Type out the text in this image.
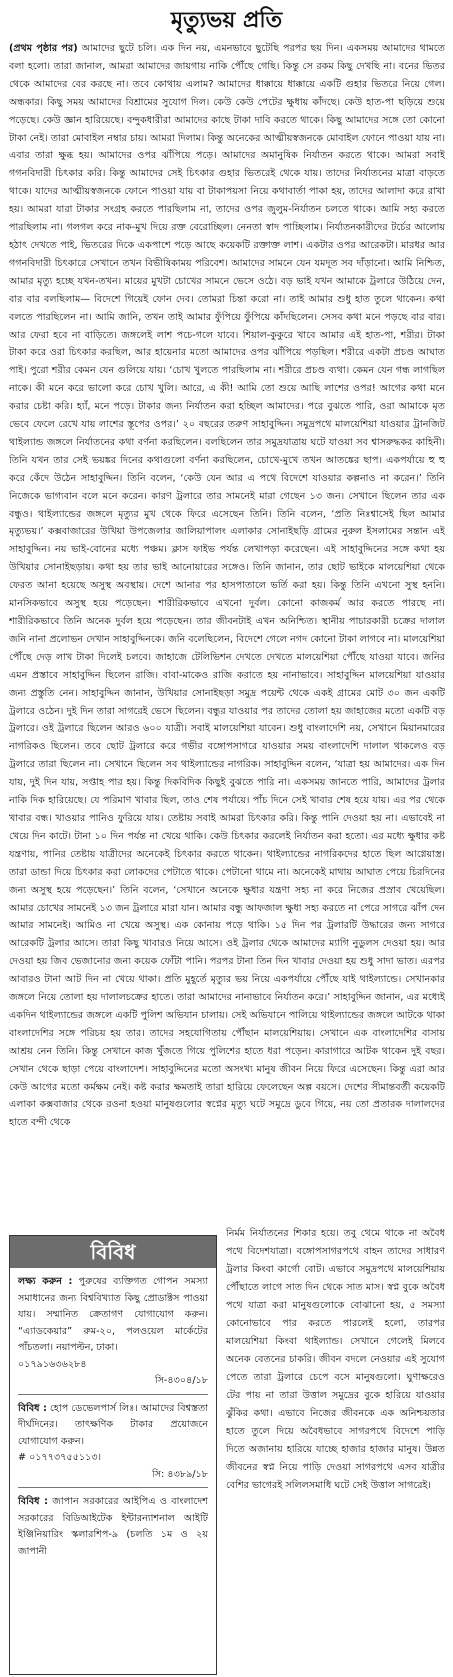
মৃত্যুভয় প্রতি

(প্রথম পৃষ্ঠার পর) আমাদের ছুটে চলি। এক দিন নয়, এমনভাবে ছুটেছি পরপর ছয় দিন। একসময় আমাদের থামতে বলা হলো। তারা জানাল, আমরা আমাদের জায়গায় নাকি পৌঁছে গেছি। কিন্তু সে রকম কিছু দেখছি না। বনের ভিতর থেকে আমাদের বের করছে না। তবে কোথায় এলাম? আমাদের ধাক্কায়ে ধাক্কায়ে একটি গুহার ভিতরে নিয়ে গেল। অন্ধকার। কিছু সময় আমাদের বিশ্রামের সুযোগ দিল। কেউ কেউ পেটের ক্ষুধায় কাঁদছে। কেউ হাত-পা ছড়িয়ে শুয়ে পড়েছে। কেউ জ্ঞান হারিয়েছে। বন্দুকধারীরা আমাদের কাছে টাকা দাবি করতে থাকে। কিছু আমাদের সঙ্গে তো কোনো টাকা নেই। তারা মোবাইল নম্বার চায়। আমরা দিলাম। কিন্তু অনেকের আত্মীয়স্বজনকে মোবাইল ফোনে পাওয়া যায় না। এবার তারা ক্ষুব্ধ হয়। আমাদের ওপর ঝাঁপিয়ে পড়ে। আমাদের অমানুষিক নির্যাতন করতে থাকে। আমরা সবাই গগনবিদারী চিৎকার করি। কিন্তু আমাদের সেই চিৎকার গুহার ভিতরেই থেকে যায়। তাদের নির্যাতনের মাত্রা বাড়তে থাকে। যাদের আত্মীয়স্বজনকে ফোনে পাওয়া যায় বা টাকাপয়সা নিয়ে কথাবার্তা পাকা হয়, তাদের আলাদা করে রাখা হয়। আমরা যারা টাকার সংগ্রহ করতে পারছিলাম না, তাদের ওপর জুলুম-নির্যাতন চলতে থাকে। আমি সহ্য করতে পারছিলাম না। গলগল করে নাক-মুখ দিয়ে রক্ত বেরোচ্ছিল। নেনতা স্বাদ পাচ্ছিলাম। নির্যাতনকারীদের টর্চের আলোয় হঠাৎ দেখতে পাই, ভিতরের দিকে একপাশে পড়ে আছে কয়েকটি রক্তাক্ত লাশ। একটার ওপর আরেকটা। মারধর আর গগনবিদারী চিৎকারে সেখানে তখন বিভীষিকাময় পরিবেশ। আমাদের সামনে যেন যমদূত সব দাঁড়ানো। আমি নিশ্চিত, আমার মৃত্যু হচ্ছে যখন-তখন। মায়ের মুখটা চোখের সামনে ভেসে ওঠে। বড় ভাই যখন আমাকে ট্রলারে উঠিয়ে দেন, বার বার বলছিলাম— বিদেশে গিয়েই ফোন দেব। তোমরা চিন্তা করো না। তাই আমার শুধু হাত তুলে থাকেন। কথা বলতে পারছিলেন না। আমি জানি, তখন তাই আমার ফুঁপিয়ে ফুঁপিয়ে কাঁদছিলেন। সেসব কথা মনে পড়ছে বার বার। আর ফেরা হবে না বাড়িতে। জঙ্গলেই লাশ পচে-গলে যাবে। শিয়াল-কুকুরে খাবে আমার এই হাত-পা, শরীর। টাকা টাকা করে ওরা চিৎকার করছিল, আর হায়েনার মতো আমাদের ওপর ঝাঁপিয়ে পড়ছিল। শরীরে একটা প্রচণ্ড আঘাত পাই। পুরো শরীর কেমন যেন গুলিয়ে যায়। ‘চোখ খুলতে পারছিলাম না। শরীরে প্রচণ্ড ব্যথা। কেমন যেন গন্ধ লাগছিল নাকে। কী মনে করে ভালো করে চোখ খুলি। আরে, এ কী! আমি তো শুয়ে আছি লাশের ওপর! আগের কথা মনে করার চেষ্টা করি। হ্যাঁ, মনে পড়ে। টাকার জন্য নির্যাতন করা হচ্ছিল আমাদের। পরে বুঝতে পারি, ওরা আমাকে মৃত ভেবে ফেলে রেখে যায় লাশের স্তূপের ওপর।’ ২০ বছরের তরুণ সাহাবুদ্দিন। সমুদ্রপথে মালয়েশিয়া যাওয়ার ট্রানজিট থাইল্যান্ড জঙ্গলে নির্যাতনের কথা বর্ণনা করছিলেন। বলছিলেন তার সমুদ্রযাত্রায় ঘটে যাওয়া সব শ্বাসরুদ্ধকর কাহিনী। তিনি যখন তার সেই ভয়ঙ্কর দিনের কথাগুলো বর্ণনা করছিলেন, চোখে-মুখে তখন আতঙ্কের ছাপ। একপর্যায়ে হু হু করে কেঁদে উঠেন সাহাবুদ্দিন। তিনি বলেন, ‘কেউ যেন আর এ পথে বিদেশে যাওয়ার কল্পনাও না করেন।’ তিনি নিজেকে ভাগ্যবান বলে মনে করেন। কারণ ট্রলারে তার সামনেই মারা গেছেন ১৩ জন। সেখানে ছিলেন তার এক বন্ধুও। থাইল্যান্ডের জঙ্গলে মৃত্যুর মুখ থেকে ফিরে এসেছেন তিনি। তিনি বলেন, ‘প্রতি নিঃশ্বাসেই ছিল আমার মৃত্যুভয়।’ কক্সবাজারের উখিয়া উপজেলার জালিয়াপালং এলাকার সোনাইছড়ি গ্রামের নুরুল ইসলামের সন্তান এই সাহাবুদ্দিন। নয় ভাই-বোনের মধ্যে পঞ্চম। ক্লাস ফাইভ পর্যন্ত লেখাপড়া করেছেন। এই সাহাবুদ্দিনের সঙ্গে কথা হয় উখিয়ার সোনাইছড়ায়। কথা হয় তার ভাই আনোয়ারের সঙ্গেও। তিনি জানান, তার ছোট ভাইকে মালয়েশিয়া থেকে ফেরত আনা হয়েছে অসুস্থ অবস্থায়। দেশে আনার পর হাসপাতালে ভর্তি করা হয়। কিন্তু তিনি এখনো সুস্থ হননি। মানসিকভাবে অসুস্থ হয়ে পড়েছেন। শারীরিকভাবে এখনো দুর্বল। কোনো কাজকর্ম আর করতে পারছে না। শারীরিকভাবে তিনি অনেক দুর্বল হয়ে পড়েছেন। তার জীবনটাই এখন অনিশ্চিত। স্থানীয় পাচারকারী চক্রের দালাল জনি নানা প্রলোভন দেখান সাহাবুদ্দিনকে। জনি বলেছিলেন, বিদেশে গেলে নগদ কোনো টাকা লাগবে না। মালয়েশিয়া পৌঁছে দেড় লাখ টাকা দিলেই চলবে। জাহাজে টেলিভিশন দেখতে দেখতে মালয়েশিয়া পৌঁছে যাওয়া যাবে। জনির এমন প্রস্তাবে সাহাবুদ্দিন ছিলেন রাজি। বাবা-মাকেও রাজি করাতে হয় নানাভাবে। সাহাবুদ্দিন মালয়েশিয়া যাওয়ার জন্য প্রস্তুতি নেন। সাহাবুদ্দিন জানান, উখিয়ার সোনাইছড়া সমুদ্র পয়েন্ট থেকে একই গ্রামের মোট ৩০ জন একটি ট্রলারে ওঠেন। দুই দিন তারা সাগরেই ভেসে ছিলেন। বন্ধুর যাওয়ার পর তাদের তোলা হয় জাহাজের মতো একটি বড় ট্রলারে। ওই ট্রলারে ছিলেন আরও ৬০০ যাত্রী। সবাই মালয়েশিয়া যাবেন। শুধু বাংলাদেশি নয়, সেখানে মিয়ানমারের নাগরিকও ছিলেন। তবে ছোট ট্রলারে করে গভীর বঙ্গোপসাগরে যাওয়ার সময় বাংলাদেশি দালাল থাকলেও বড় ট্রলারে তারা ছিলেন না। সেখানে ছিলেন সব থাইল্যান্ডের নাগরিক। সাহাবুদ্দিন বলেন, ‘যাত্রা হয় আমাদের। এক দিন যায়, দুই দিন যায়, সপ্তাহ পার হয়। কিন্তু দিকবিদিক কিছুই বুঝতে পারি না। একসময় জানতে পারি, আমাদের ট্রলার নাকি দিক হারিয়েছে। যে পরিমাণ খাবার ছিল, তাও শেষ পর্যায়ে। পাঁচ দিনে সেই খাবার শেষ হয়ে যায়। এর পর থেকে খাবার বন্ধ। খাওয়ার পানিও ফুরিয়ে যায়। তেষ্টায় সবাই আমরা চিৎকার করি। কিন্তু পানি দেওয়া হয় না। এভাবেই না খেয়ে দিন কাটে। টানা ১০ দিন পর্যন্ত না খেয়ে থাকি। কেউ চিৎকার করলেই নির্যাতন করা হতো। এর মধ্যে ক্ষুধার কষ্ট যন্ত্রণায়, পানির তেষ্টায় যাত্রীদের অনেকেই চিৎকার করতে থাকেন। থাইল্যান্ডের নাগরিকদের হাতে ছিল আগ্নেয়াস্ত্র। তারা ডান্ডা দিয়ে চিৎকার করা লোকদের পেটাতে থাকে। পেটানো থামে না। অনেকেই মাথায় আঘাত পেয়ে চিরদিনের জন্য অসুস্থ হয়ে পড়েছেন।’ তিনি বলেন, ‘সেখানে অনেকে ক্ষুধার যন্ত্রণা সহ্য না করে নিজের প্রস্রাব খেয়েছিল। আমার চোখের সামনেই ১৩ জন ট্রলারে মারা যান। আমার বন্ধু আফজাল ক্ষুধা সহ্য করতে না পেরে সাগরে ঝাঁপ দেন আমার সামনেই। আমিও না খেয়ে অসুস্থ। এক কোনায় পড়ে থাকি। ১৫ দিন পর ট্রলারটি উদ্ধারের জন্য সাগরে আরেকটি ট্রলার আসে। তারা কিছু খাবারও নিয়ে আসে। ওই ট্রলার থেকে আমাদের ম্যাগি নুডুলস দেওয়া হয়। আর দেওয়া হয় জিব ভেজানোর জন্য কয়েক ফোঁটা পানি। পরপর টানা তিন দিন খাবার দেওয়া হয় শুধু সাদা ভাত। এরপর আবারও টানা আট দিন না খেয়ে থাকা। প্রতি মুহূর্তে মৃত্যুর ভয় নিয়ে একপর্যায়ে পৌঁছে যাই থাইল্যান্ডে। সেখানকার জঙ্গলে নিয়ে তোলা হয় দালালচক্রের হাতে। তারা আমাদের নানাভাবে নির্যাতন করে।’ সাহাবুদ্দিন জানান, এর মধ্যেই একদিন থাইল্যান্ডের জঙ্গলে একটি পুলিশ অভিযান চালায়। সেই অভিযানে পালিয়ে থাইল্যান্ডের জঙ্গলে আটকে থাকা বাংলাদেশির সঙ্গে পরিচয় হয় তার। তাদের সহযোগিতায় পৌঁছান মালয়েশিয়ায়। সেখানে এক বাংলাদেশির বাসায় আশ্রয় নেন তিনি। কিন্তু সেখানে কাজ খুঁজতে গিয়ে পুলিশের হাতে ধরা পড়েন। কারাগারে আটক থাকেন দুই বছর। সেখান থেকে ছাড়া পেয়ে বাংলাদেশ। সাহাবুদ্দিনের মতো অসংখ্য মানুষ জীবন নিয়ে ফিরে এসেছেন। কিন্তু এরা আর কেউ আগের মতো কর্মক্ষম নেই। কষ্ট করার ক্ষমতাই তারা হারিয়ে ফেলেছেন অল্প বয়সে। দেশের সীমান্তবর্তী কয়েকটি এলাকা কক্সবাজার থেকে রওনা হওয়া মানুষগুলোর স্বপ্নের মৃত্যু ঘটে সমুদ্রে ডুবে গিয়ে, নয় তো প্রতারক দালালদের হাতে বন্দী থেকে

বিবিধ
লক্ষ্য করুন : পুরুষের ব্যক্তিগত গোপন সমস্যা সমাধানের জন্য বিশ্ববিখ্যাত কিছু প্রোডাক্টস পাওয়া যায়। সম্মানিত ক্রেতাগণ যোগাযোগ করুন। “এ্যাডকেয়ার” রুম-২০, পলওয়েল মার্কেটের পাঁচতলা। নয়াপল্টন, ঢাকা।
০১৭৯১৬৩৬২৮৪
সি-৪৩০৪/১৮
বিবিধ : হোপ ডেভেলপার্স লিঃ। আমাদের বিশ্বস্ততা দীর্ঘদিনের। তাৎক্ষণিক টাকার প্রয়োজনে যোগাযোগ করুন।
# ০১৭৭৩৭৫৫১১৩।
সি: ৪৩৮৯/১৮
বিবিধ : জাপান সরকারের আইপিএ ও বাংলাদেশ সরকারের বিডিআইটেক ইন্টারন্যাশনাল আইটি ইঞ্জিনিয়ারিং স্কলারশিপ-৯ (চলতি ১ম ও ২য় জাপানী

নির্মম নির্যাতনের শিকার হয়ে। তবু থেমে থাকে না অবৈধ পথে বিদেশযাত্রা। বঙ্গোপসাগরপথে বাহন তাদের সাধারণ ট্রলার কিংবা কার্গো বোট। এভাবে সমুদ্রপথে মালয়েশিয়ায় পৌঁছাতে লাগে সাত দিন থেকে সাত মাস। স্বপ্ন বুকে অবৈধ পথে যাত্রা করা মানুষগুলোকে বোঝানো হয়, ৫ সমস্যা কোনোভাবে পার করতে পারলেই হলো, তারপর মালয়েশিয়া কিংবা থাইল্যান্ড। সেখানে গেলেই মিলবে অনেক বেতনের চাকরি। জীবন বদলে নেওয়ার এই সুযোগ পেতে তারা ট্রলারে চেপে বসে মানুষগুলো। ঘুণাক্ষরেও টের পায় না তারা উত্তাল সমুদ্রের বুকে হারিয়ে যাওয়ার ঝুঁকির কথা। এভাবে নিজের জীবনকে এক অনিশ্চয়তার হাতে তুলে দিয়ে অবৈধভাবে সাগরপথে বিদেশে পাড়ি দিতে অজানায় হারিয়ে যাচ্ছে হাজার হাজার মানুষ। উন্নত জীবনের স্বপ্ন নিয়ে পাড়ি দেওয়া সাগরপথে এসব যাত্রীর বেশির ভাগেরই সলিলসমাধি ঘটে সেই উত্তাল সাগরেই।
